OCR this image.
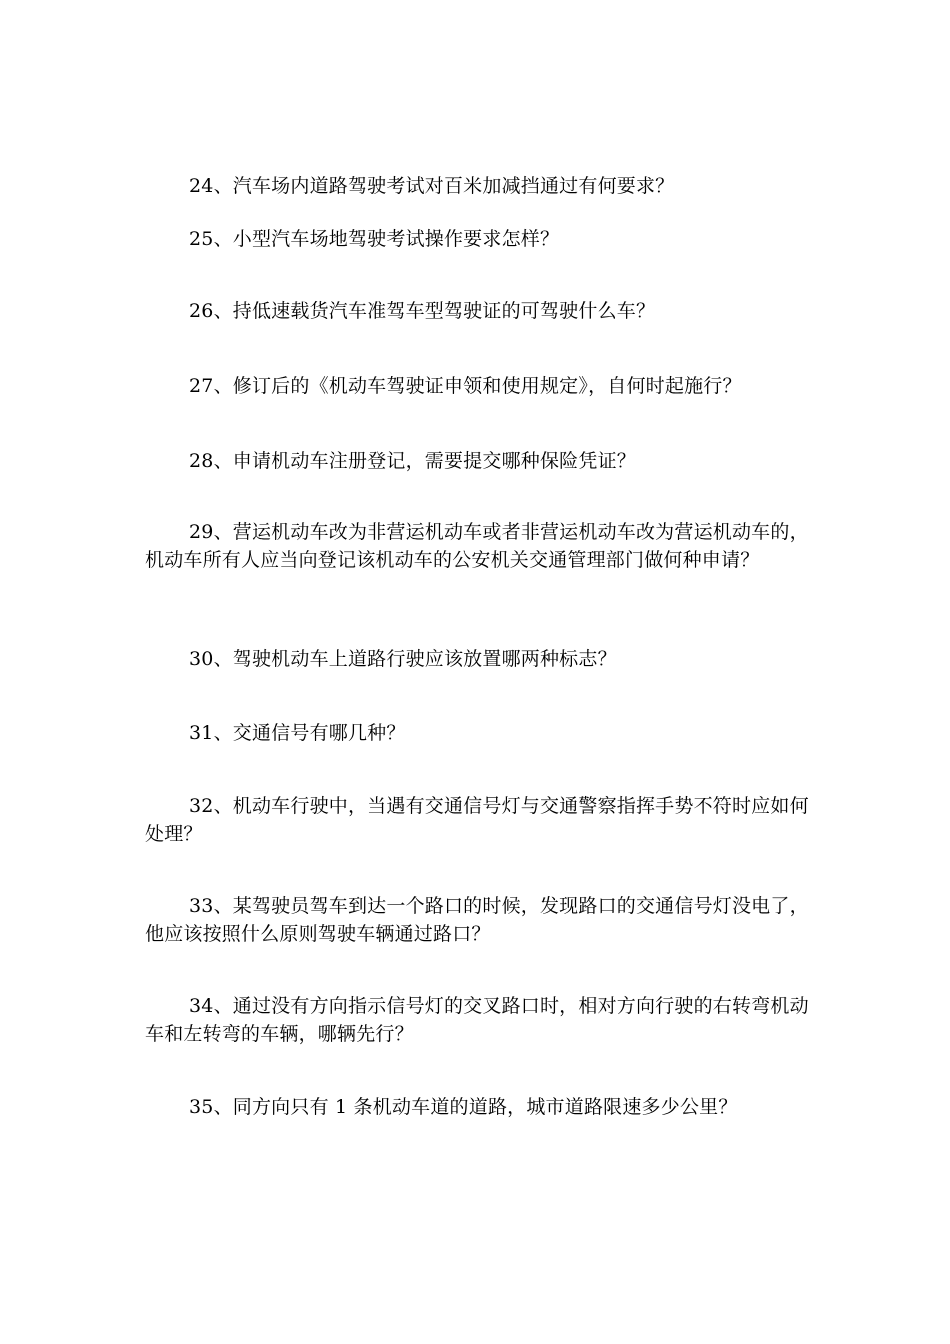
24、汽车场内道路驾驶考试对百米加减挡通过有何要求？

25、小型汽车场地驾驶考试操作要求怎样？

26、持低速载货汽车准驾车型驾驶证的可驾驶什么车？

27、修订后的《机动车驾驶证申领和使用规定》，自何时起施行？

28、申请机动车注册登记，需要提交哪种保险凭证？

29、营运机动车改为非营运机动车或者非营运机动车改为营运机动车的，机动车所有人应当向登记该机动车的公安机关交通管理部门做何种申请？

30、驾驶机动车上道路行驶应该放置哪两种标志？

31、交通信号有哪几种？

32、机动车行驶中，当遇有交通信号灯与交通警察指挥手势不符时应如何处理？

33、某驾驶员驾车到达一个路口的时候，发现路口的交通信号灯没电了，他应该按照什么原则驾驶车辆通过路口？

34、通过没有方向指示信号灯的交叉路口时，相对方向行驶的右转弯机动车和左转弯的车辆，哪辆先行？

35、同方向只有 1 条机动车道的道路，城市道路限速多少公里？
